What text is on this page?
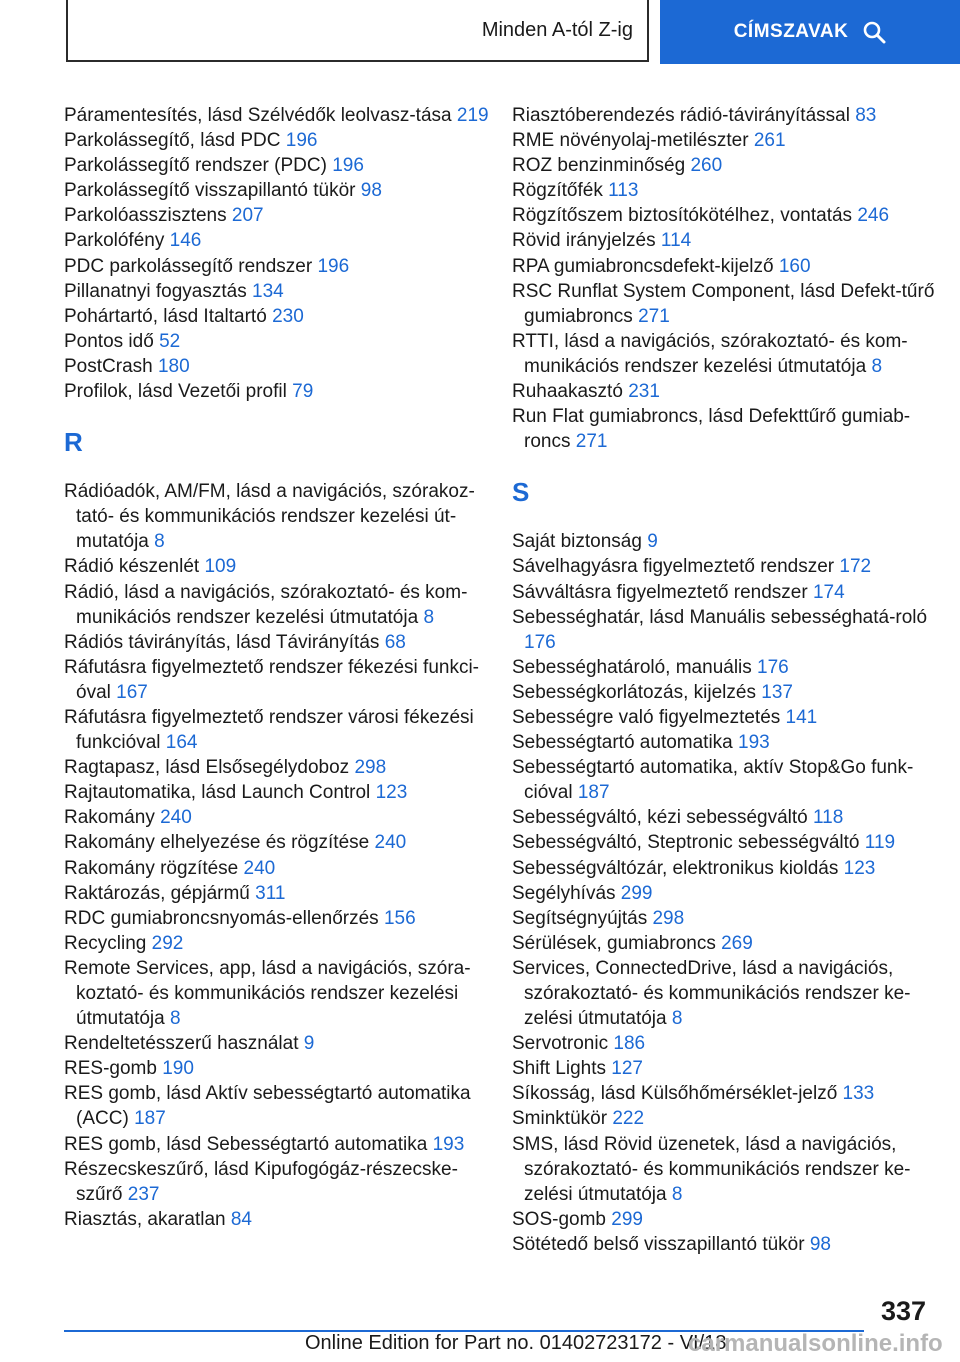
Minden A-tól Z-ig	CÍMSZAVAK

Páramentesítés, lásd Szélvédők leolvasz-tása 219

Parkolássegítő, lásd PDC 196

Parkolássegítő rendszer (PDC) 196

Parkolássegítő visszapillantó tükör 98

Parkolóasszisztens 207

Parkolófény 146

PDC parkolássegítő rendszer 196

Pillanatnyi fogyasztás 134

Pohártartó, lásd Italtartó 230

Pontos idő 52

PostCrash 180

Profilok, lásd Vezetői profil 79

R

Rádióadók, AM/FM, lásd a navigációs, szórakoz-tató- és kommunikációs rendszer kezelési út-mutatója 8

Rádió készenlét 109

Rádió, lásd a navigációs, szórakoztató- és kom-munikációs rendszer kezelési útmutatója 8

Rádiós távirányítás, lásd Távirányítás 68

Ráfutásra figyelmeztető rendszer fékezési funkci-óval 167

Ráfutásra figyelmeztető rendszer városi fékezési funkcióval 164

Ragtapasz, lásd Elsősegélydoboz 298

Rajtautomatika, lásd Launch Control 123

Rakomány 240

Rakomány elhelyezése és rögzítése 240

Rakomány rögzítése 240

Raktározás, gépjármű 311

RDC gumiabroncsnyomás-ellenőrzés 156

Recycling 292

Remote Services, app, lásd a navigációs, szóra-koztató- és kommunikációs rendszer kezelési útmutatója 8

Rendeltetésszerű használat 9

RES-gomb 190

RES gomb, lásd Aktív sebességtartó automatika (ACC) 187

RES gomb, lásd Sebességtartó automatika 193

Részecskeszűrő, lásd Kipufogógáz-részecske-szűrő 237

Riasztás, akaratlan 84

Riasztóberendezés rádió-távirányítással 83

RME növényolaj-metilészter 261

ROZ benzinminőség 260

Rögzítőfék 113

Rögzítőszem biztosítókötélhez, vontatás 246

Rövid irányjelzés 114

RPA gumiabroncsdefekt-kijelző 160

RSC Runflat System Component, lásd Defekt-tűrő gumiabroncs 271

RTTI, lásd a navigációs, szórakoztató- és kom-munikációs rendszer kezelési útmutatója 8

Ruhaakasztó 231

Run Flat gumiabroncs, lásd Defekttűrő gumiab-roncs 271

S

Saját biztonság 9

Sávelhagyásra figyelmeztető rendszer 172

Sávváltásra figyelmeztető rendszer 174

Sebességhatár, lásd Manuális sebességhatá-roló 176

Sebességhatároló, manuális 176

Sebességkorlátozás, kijelzés 137

Sebességre való figyelmeztetés 141

Sebességtartó automatika 193

Sebességtartó automatika, aktív Stop&Go funk-cióval 187

Sebességváltó, kézi sebességváltó 118

Sebességváltó, Steptronic sebességváltó 119

Sebességváltózár, elektronikus kioldás 123

Segélyhívás 299

Segítségnyújtás 298

Sérülések, gumiabroncs 269

Services, ConnectedDrive, lásd a navigációs, szórakoztató- és kommunikációs rendszer ke-zelési útmutatója 8

Servotronic 186

Shift Lights 127

Síkosság, lásd Külsőhőmérséklet-jelző 133

Sminktükör 222

SMS, lásd Rövid üzenetek, lásd a navigációs, szórakoztató- és kommunikációs rendszer ke-zelési útmutatója 8

SOS-gomb 299

Sötétedő belső visszapillantó tükör 98

337
Online Edition for Part no. 01402723172 - VI/18
carmanualsonline.info
